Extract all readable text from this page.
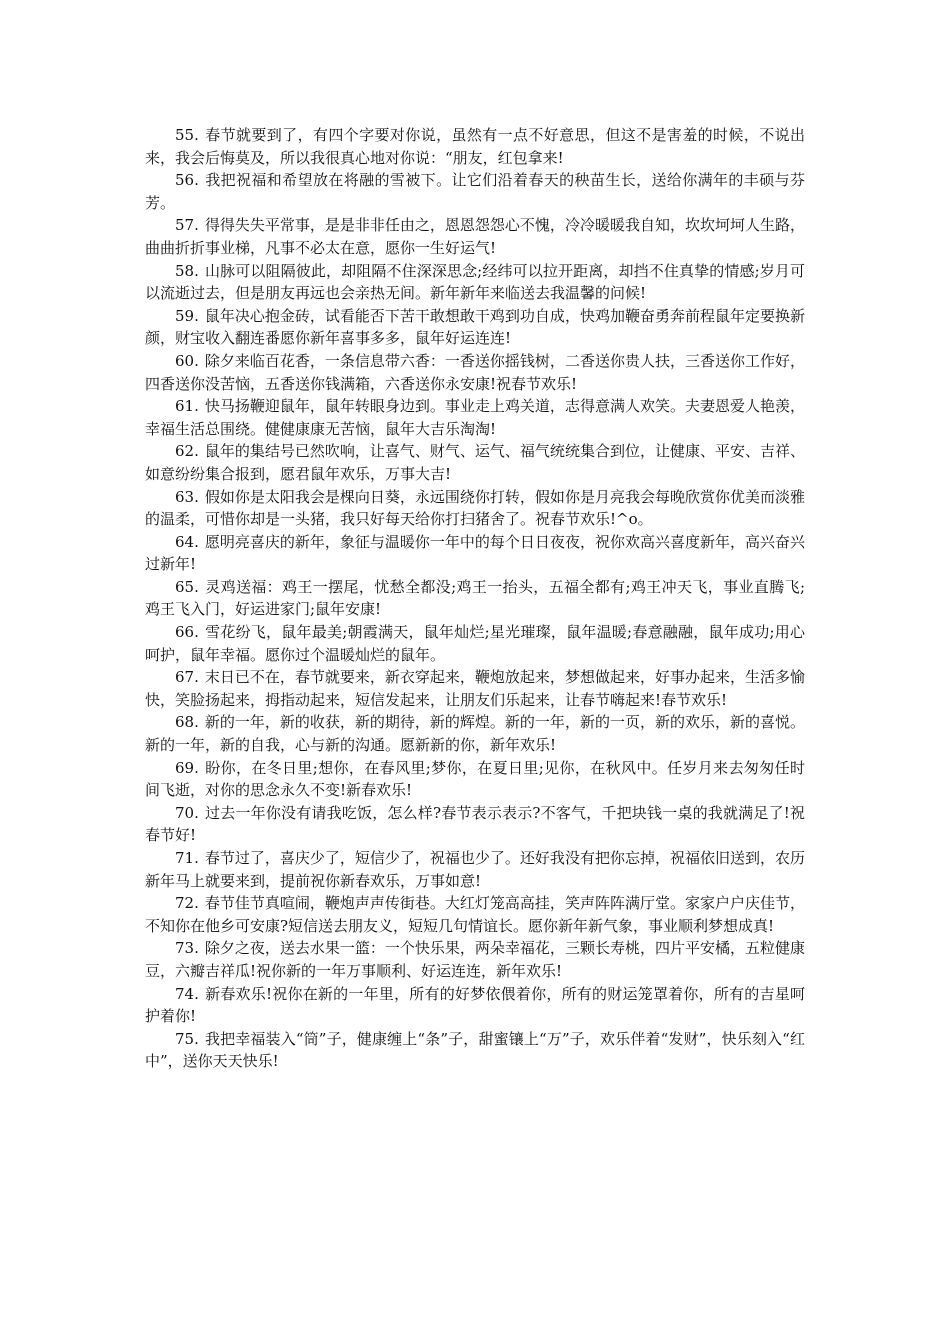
55. 春节就要到了，有四个字要对你说，虽然有一点不好意思，但这不是害羞的时候，不说出来，我会后悔莫及，所以我很真心地对你说：“朋友，红包拿来!

56. 我把祝福和希望放在将融的雪被下。让它们沿着春天的秧苗生长，送给你满年的丰硕与芬芳。

57. 得得失失平常事，是是非非任由之，恩恩怨怨心不愧，冷冷暖暖我自知，坎坎坷坷人生路，曲曲折折事业梯，凡事不必太在意，愿你一生好运气!

58. 山脉可以阻隔彼此，却阻隔不住深深思念;经纬可以拉开距离，却挡不住真挚的情感;岁月可以流逝过去，但是朋友再远也会亲热无间。新年新年来临送去我温馨的问候!

59. 鼠年决心抱金砖，试看能否下苦干敢想敢干鸡到功自成，快鸡加鞭奋勇奔前程鼠年定要换新颜，财宝收入翻连番愿你新年喜事多多，鼠年好运连连!

60. 除夕来临百花香，一条信息带六香：一香送你摇钱树，二香送你贵人扶，三香送你工作好，四香送你没苦恼，五香送你钱满箱，六香送你永安康!祝春节欢乐!

61. 快马扬鞭迎鼠年，鼠年转眼身边到。事业走上鸡关道，志得意满人欢笑。夫妻恩爱人艳羡，幸福生活总围绕。健健康康无苦恼，鼠年大吉乐淘淘!

62. 鼠年的集结号已然吹响，让喜气、财气、运气、福气统统集合到位，让健康、平安、吉祥、如意纷纷集合报到，愿君鼠年欢乐，万事大吉!

63. 假如你是太阳我会是棵向日葵，永远围绕你打转，假如你是月亮我会每晚欣赏你优美而淡雅的温柔，可惜你却是一头猪，我只好每天给你打扫猪舍了。祝春节欢乐!^o。

64. 愿明亮喜庆的新年，象征与温暖你一年中的每个日日夜夜，祝你欢高兴喜度新年，高兴奋兴过新年!

65. 灵鸡送福：鸡王一摆尾，忧愁全都没;鸡王一抬头，五福全都有;鸡王冲天飞，事业直腾飞;鸡王飞入门，好运进家门;鼠年安康!

66. 雪花纷飞，鼠年最美;朝霞满天，鼠年灿烂;星光璀璨，鼠年温暖;春意融融，鼠年成功;用心呵护，鼠年幸福。愿你过个温暖灿烂的鼠年。

67. 末日已不在，春节就要来，新衣穿起来，鞭炮放起来，梦想做起来，好事办起来，生活多愉快，笑脸扬起来，拇指动起来，短信发起来，让朋友们乐起来，让春节嗨起来!春节欢乐!

68. 新的一年，新的收获，新的期待，新的辉煌。新的一年，新的一页，新的欢乐，新的喜悦。新的一年，新的自我，心与新的沟通。愿新新的你，新年欢乐!

69. 盼你，在冬日里;想你，在春风里;梦你，在夏日里;见你，在秋风中。任岁月来去匆匆任时间飞逝，对你的思念永久不变!新春欢乐!

70. 过去一年你没有请我吃饭，怎么样?春节表示表示?不客气，千把块钱一桌的我就满足了!祝春节好!

71. 春节过了，喜庆少了，短信少了，祝福也少了。还好我没有把你忘掉，祝福依旧送到，农历新年马上就要来到，提前祝你新春欢乐，万事如意!

72. 春节佳节真喧闹，鞭炮声声传街巷。大红灯笼高高挂，笑声阵阵满厅堂。家家户户庆佳节，不知你在他乡可安康?短信送去朋友义，短短几句情谊长。愿你新年新气象，事业顺利梦想成真!

73. 除夕之夜，送去水果一篮：一个快乐果，两朵幸福花，三颗长寿桃，四片平安橘，五粒健康豆，六瓣吉祥瓜!祝你新的一年万事顺利、好运连连，新年欢乐!

74. 新春欢乐!祝你在新的一年里，所有的好梦依偎着你，所有的财运笼罩着你，所有的吉星呵护着你!

75. 我把幸福装入“筒”子，健康缠上“条”子，甜蜜镶上“万”子，欢乐伴着“发财”，快乐刻入“红中”，送你天天快乐!
